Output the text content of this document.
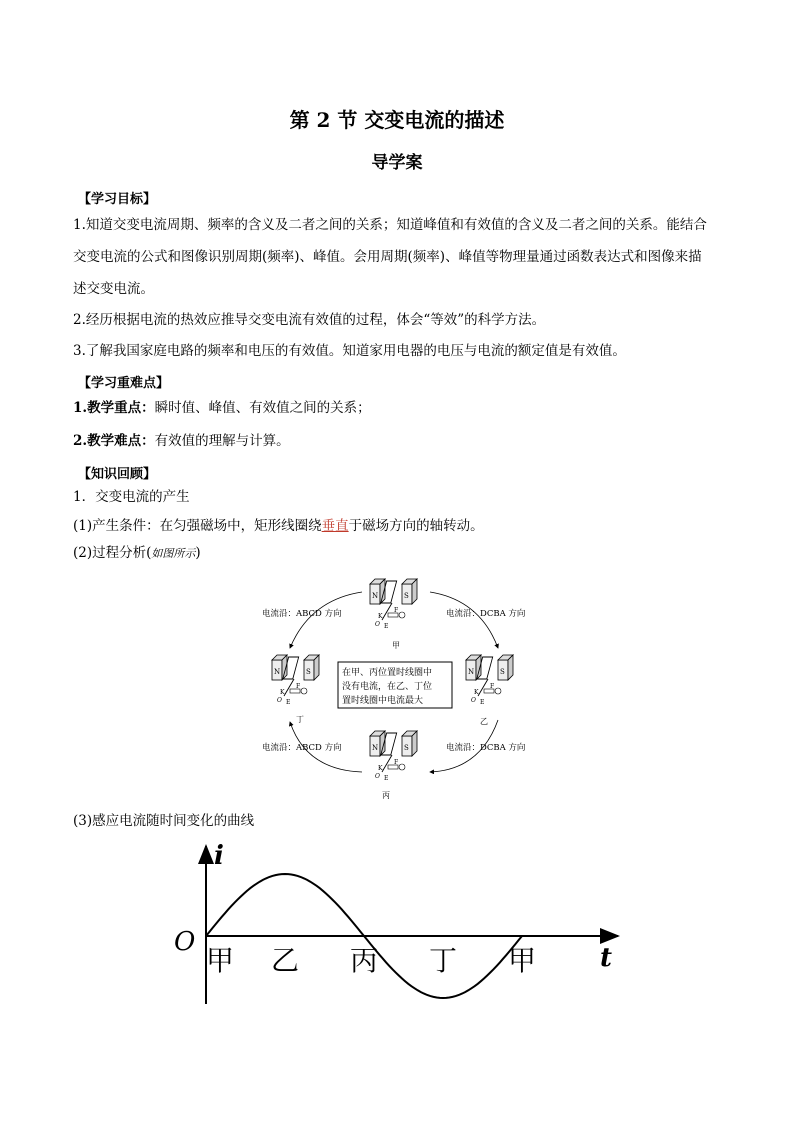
第 2 节 交变电流的描述
导学案
【学习目标】
1.知道交变电流周期、频率的含义及二者之间的关系；知道峰值和有效值的含义及二者之间的关系。能结合
交变电流的公式和图像识别周期(频率)、峰值。会用周期(频率)、峰值等物理量通过函数表达式和图像来描
述交变电流。
2.经历根据电流的热效应推导交变电流有效值的过程，体会“等效”的科学方法。
3.了解我国家庭电路的频率和电压的有效值。知道家用电器的电压与电流的额定值是有效值。
【学习重难点】
1.教学重点：瞬时值、峰值、有效值之间的关系；
2.教学难点：有效值的理解与计算。
【知识回顾】
1．交变电流的产生
(1)产生条件：在匀强磁场中，矩形线圈绕垂直于磁场方向的轴转动。
(2)过程分析(如图所示)
N	S
K
O E
F
甲
乙
丙
丁
电流沿：ABCD 方向	电流沿：DCBA 方向
电流沿：ABCD 方向	电流沿：DCBA 方向
在甲、丙位置时线圈中
没有电流，在乙、丁位
置时线圈中电流最大
(3)感应电流随时间变化的曲线
i
t
O
甲 乙 丙 丁 甲
